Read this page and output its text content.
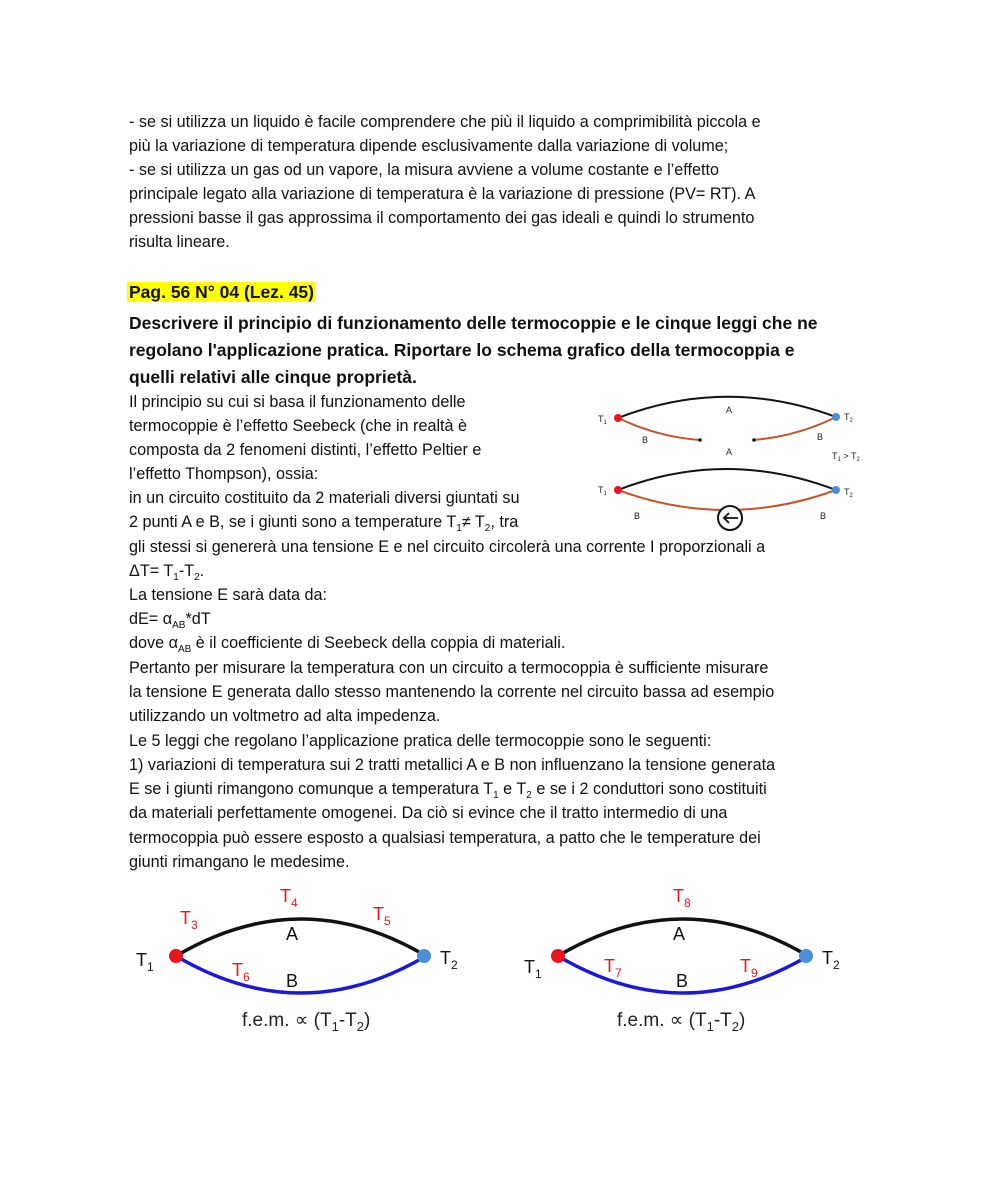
- se si utilizza un liquido è facile comprendere che più il liquido a comprimibilità piccola e
più la variazione di temperatura dipende esclusivamente dalla variazione di volume;
- se si utilizza un gas od un vapore, la misura avviene a volume costante e l’effetto
principale legato alla variazione di temperatura è la variazione di pressione (PV= RT). A
pressioni basse il gas approssima il comportamento dei gas ideali e quindi lo strumento
risulta lineare.
Pag. 56 N° 04 (Lez. 45)
Descrivere il principio di funzionamento delle termocoppie e le cinque leggi che ne
regolano l'applicazione pratica. Riportare lo schema grafico della termocoppia e
quelli relativi alle cinque proprietà.
Il principio su cui si basa il funzionamento delle
termocoppie è l’effetto Seebeck (che in realtà è
composta da 2 fenomeni distinti, l’effetto Peltier e
l’effetto Thompson), ossia:
in un circuito costituito da 2 materiali diversi giuntati su
2 punti A e B, se i giunti sono a temperature $T_1\ne T_2$, tra
gli stessi si genererà una tensione E e nel circuito circolerà una corrente I proporzionali a
$\Delta T= T_1-T_2$.
La tensione E sarà data da:
$dE= \alpha_{AB}*dT$
dove $\alpha_{AB}$ è il coefficiente di Seebeck della coppia di materiali.
Pertanto per misurare la temperatura con un circuito a termocoppia è sufficiente misurare
la tensione E generata dallo stesso mantenendo la corrente nel circuito bassa ad esempio
utilizzando un voltmetro ad alta impedenza.
Le 5 leggi che regolano l’applicazione pratica delle termocoppie sono le seguenti:
1) variazioni di temperatura sui 2 tratti metallici A e B non influenzano la tensione generata
E se i giunti rimangono comunque a temperatura $T_1$ e $T_2$ e se i 2 conduttori sono costituiti
da materiali perfettamente omogenei. Da ciò si evince che il tratto intermedio di una
termocoppia può essere esposto a qualsiasi temperatura, a patto che le temperature dei
giunti rimangano le medesime.
$T_1$
$T_2$
A
B	B
A	$T_1 > T_2$
$T_1$	$T_2$
B	B
$T_1$	$T_2$
A
B
$T_3$
$T_4$
$T_5$
$T_6$
f.e.m. ∝ $(T_1-T_2)$
$T_1$
$T_2$
A
B
$T_8$
$T_7$	$T_9$
f.e.m. ∝ $(T_1-T_2)$
